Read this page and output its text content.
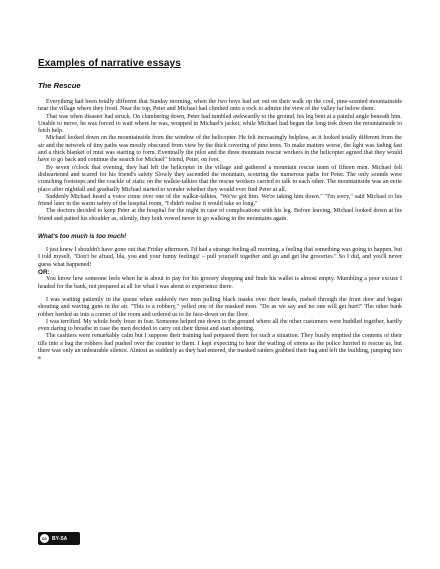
Examples of narrative essays
The Rescue

Everything had been totally different that Sunday morning, when the two boys had set out on their walk up the cool, pine-scented mountainside near the village where they lived. Near the top, Peter and Michael had climbed onto a rock to admire the view of the valley far below them.

That was when disaster had struck. On clambering down, Peter had tumbled awkwardly to the ground, his leg bent at a painful angle beneath him. Unable to move, he was forced to wait where he was, wrapped in Michael's jacket, while Michael had begun the long trek down the mountainside to fetch help.

Michael looked down on the mountainside from the window of the helicopter. He felt increasingly helpless, as it looked totally different from the air and the network of tiny paths was mostly obscured from view by the thick covering of pine trees. To make matters worse, the light was fading fast and a thick blanket of mist was starting to form. Eventually the pilot and the three mountain rescue workers in the helicopter agreed that they would have to go back and continue the search for Michael" friend, Peter, on foot.

By seven o'clock that evening, they had left the helicopter in the village and gathered a mountain rescue team of fifteen men. Michael felt disheartened and scared for his friend's safety Slowly they ascended the mountain, scouring the numerous paths for Peter. The only sounds were crunching footsteps and the crackle of static on the walkie-talkies that the rescue workers carried to talk to each other. The mountainside was an eerie place after nightfall and gradually Michael started to wonder whether they would ever find Peter at all.

Suddenly Michael heard a voice come over one of the walkie-talkies, "We've got him. We're taking him down." "I'm sorry," said Michael to his friend later in the warm safety of the hospital room, "I didn't realise it would take so long."

The doctors decided to keep Peter at the hospital for the night in case of complications with his leg. Before leaving, Michael looked down at his friend and patted his shoulder as, silently, they both vowed never to go walking in the mountains again.

What's too much is too much!

I just knew I shouldn't have gone out that Friday afternoon. I'd had a strange feeling all morning, a feeling that something was going to happen, but I told myself, "Don't be afraid, Ida, you and your funny feelings! – pull yourself together and go and get the groceries." So I did, and you'll never guess what happened!

OR:

You know how someone feels when he is about to pay for his grocery shopping and finds his wallet is almost empty. Mumbling a poor excuse I headed for the bank, not prepared at all for what I was about to experience there.

I was waiting patiently in the queue when suddenly two men pulling black masks over their heads, rushed through the front door and began shouting and waving guns in the air. "This is a robbery," yelled one of the masked men. "Do as we say and no one will get hurt!" The other bank robber herded us into a corner of the room and ordered us to lie face-down on the floor.

I was terrified. My whole body froze in fear. Someone helped me down to the ground where all the other customers were huddled together, hardly even daring to breathe in case the men decided to carry out their threat and start shooting.

The cashiers were remarkably calm but I suppose their training had prepared them for such a situation. They busily emptied the contents of their tills into a bag the robbers had pushed over the counter to them. I kept expecting to hear the wailing of sirens as the police hurried to rescue us, but there was only an unbearable silence. Almost as suddenly as they had entered, the masked raiders grabbed their bag and left the building, jumping into a

cc	BY-SA
